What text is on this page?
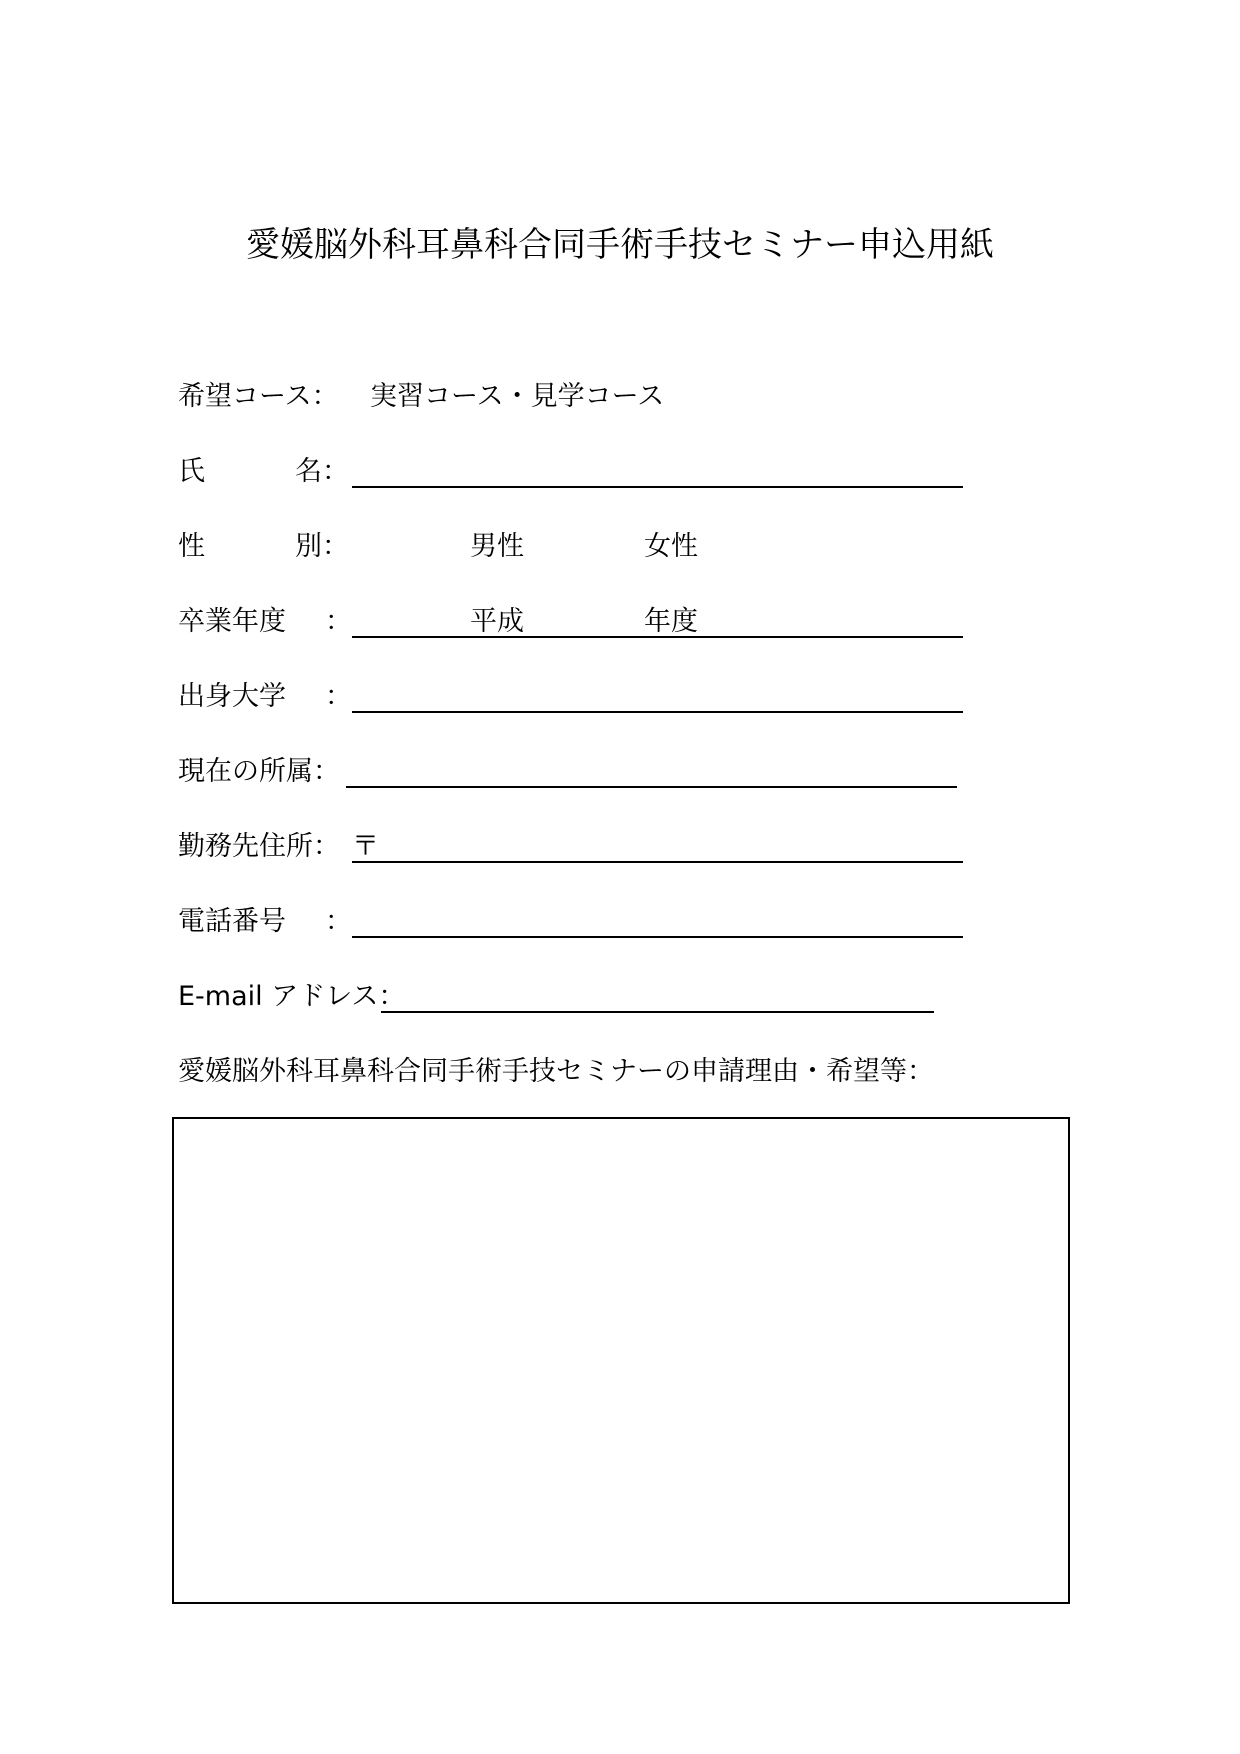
愛媛脳外科耳鼻科合同手術手技セミナー申込用紙
希望コース： 実習コース・見学コース
氏	名：
性	別：	男性	女性
卒業年度 ：	平成	年度
出身大学 ：
現在の所属：
勤務先住所： 〒
電話番号 ：
E-mail アドレス：
愛媛脳外科耳鼻科合同手術手技セミナーの申請理由・希望等：
